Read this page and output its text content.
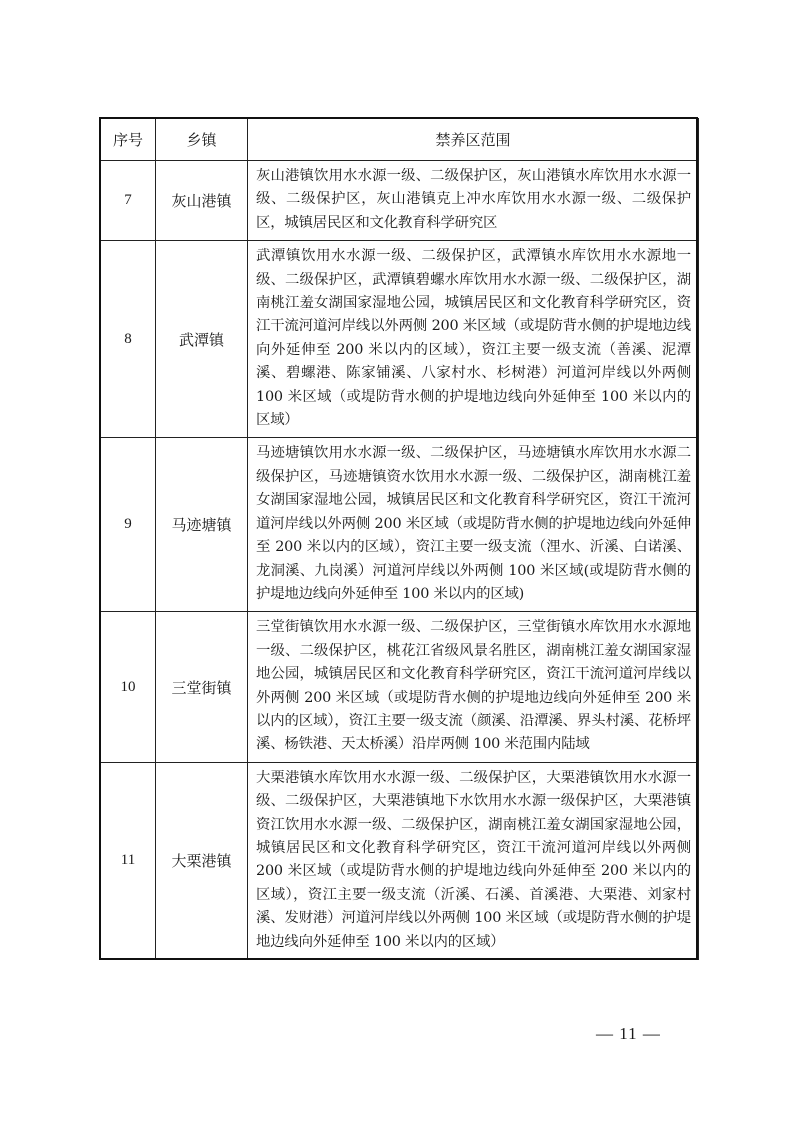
序号	乡镇	禁养区范围
7	灰山港镇	灰山港镇饮用水水源一级、二级保护区，灰山港镇水库饮用水水源一级、二级保护区，灰山港镇克上冲水库饮用水水源一级、二级保护区，城镇居民区和文化教育科学研究区
8	武潭镇	武潭镇饮用水水源一级、二级保护区，武潭镇水库饮用水水源地一级、二级保护区，武潭镇碧螺水库饮用水水源一级、二级保护区，湖南桃江羞女湖国家湿地公园，城镇居民区和文化教育科学研究区，资江干流河道河岸线以外两侧 200 米区域（或堤防背水侧的护堤地边线向外延伸至 200 米以内的区域），资江主要一级支流（善溪、泥潭溪、碧螺港、陈家铺溪、八家村水、杉树港）河道河岸线以外两侧 100 米区域（或堤防背水侧的护堤地边线向外延伸至 100 米以内的区域）
9	马迹塘镇	马迹塘镇饮用水水源一级、二级保护区，马迹塘镇水库饮用水水源二级保护区，马迹塘镇资水饮用水水源一级、二级保护区，湖南桃江羞女湖国家湿地公园，城镇居民区和文化教育科学研究区，资江干流河道河岸线以外两侧 200 米区域（或堤防背水侧的护堤地边线向外延伸至 200 米以内的区域），资江主要一级支流（浬水、沂溪、白诺溪、龙洞溪、九岗溪）河道河岸线以外两侧 100 米区域(或堤防背水侧的护堤地边线向外延伸至 100 米以内的区域)
10	三堂街镇	三堂街镇饮用水水源一级、二级保护区，三堂街镇水库饮用水水源地一级、二级保护区，桃花江省级风景名胜区，湖南桃江羞女湖国家湿地公园，城镇居民区和文化教育科学研究区，资江干流河道河岸线以外两侧 200 米区域（或堤防背水侧的护堤地边线向外延伸至 200 米以内的区域），资江主要一级支流（颜溪、沿潭溪、界头村溪、花桥坪溪、杨铁港、天太桥溪）沿岸两侧 100 米范围内陆域
11	大栗港镇	大栗港镇水库饮用水水源一级、二级保护区，大栗港镇饮用水水源一级、二级保护区，大栗港镇地下水饮用水水源一级保护区，大栗港镇资江饮用水水源一级、二级保护区，湖南桃江羞女湖国家湿地公园，城镇居民区和文化教育科学研究区，资江干流河道河岸线以外两侧 200 米区域（或堤防背水侧的护堤地边线向外延伸至 200 米以内的区域），资江主要一级支流（沂溪、石溪、首溪港、大栗港、刘家村溪、发财港）河道河岸线以外两侧 100 米区域（或堤防背水侧的护堤地边线向外延伸至 100 米以内的区域）
— 11 —
